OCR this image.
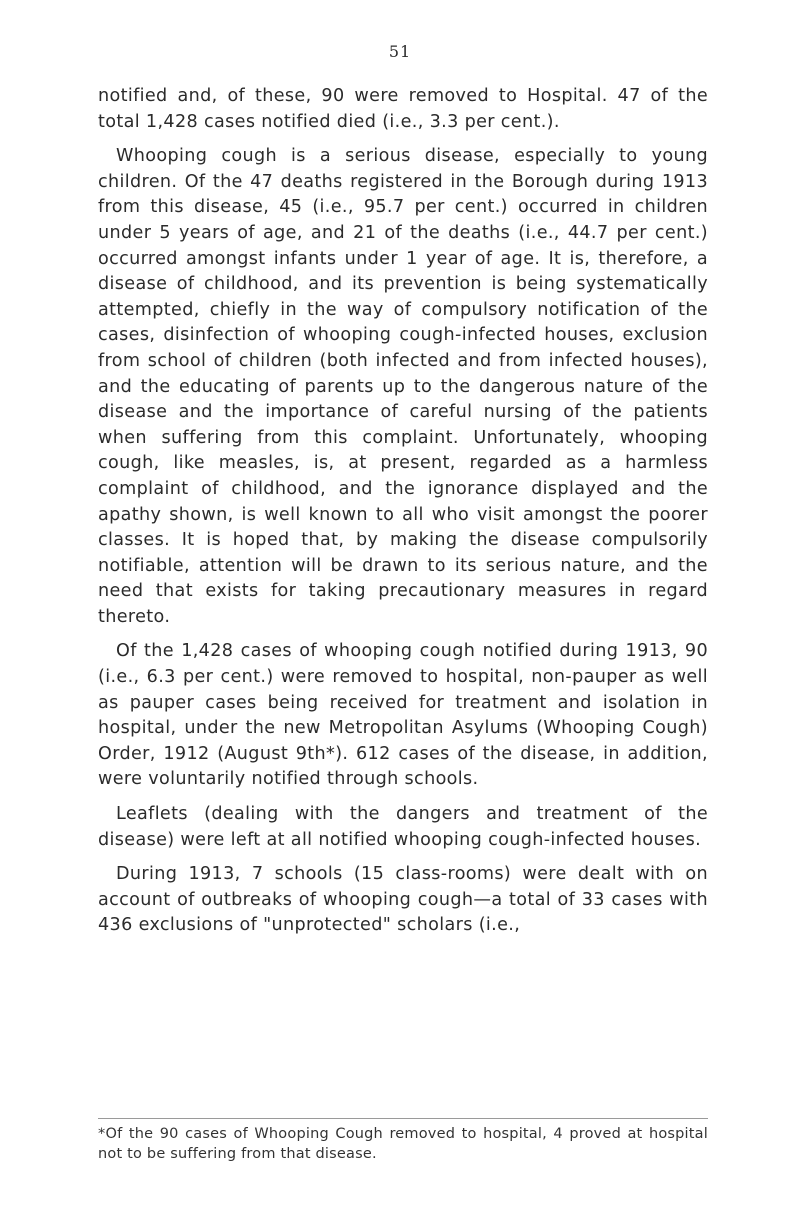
51

notified and, of these, 90 were removed to Hospital. 47 of the total 1,428 cases notified died (i.e., 3.3 per cent.).

Whooping cough is a serious disease, especially to young children. Of the 47 deaths registered in the Borough during 1913 from this disease, 45 (i.e., 95.7 per cent.) occurred in children under 5 years of age, and 21 of the deaths (i.e., 44.7 per cent.) occurred amongst infants under 1 year of age. It is, therefore, a disease of childhood, and its prevention is being systematically attempted, chiefly in the way of compulsory notification of the cases, disinfection of whooping cough-infected houses, exclusion from school of children (both infected and from infected houses), and the educating of parents up to the dangerous nature of the disease and the importance of careful nursing of the patients when suffering from this complaint. Unfortunately, whooping cough, like measles, is, at present, regarded as a harmless complaint of childhood, and the ignorance displayed and the apathy shown, is well known to all who visit amongst the poorer classes. It is hoped that, by making the disease compulsorily notifiable, attention will be drawn to its serious nature, and the need that exists for taking precautionary measures in regard thereto.

Of the 1,428 cases of whooping cough notified during 1913, 90 (i.e., 6.3 per cent.) were removed to hospital, non-pauper as well as pauper cases being received for treatment and isolation in hospital, under the new Metropolitan Asylums (Whooping Cough) Order, 1912 (August 9th*). 612 cases of the disease, in addition, were voluntarily notified through schools.

Leaflets (dealing with the dangers and treatment of the disease) were left at all notified whooping cough-infected houses.

During 1913, 7 schools (15 class-rooms) were dealt with on account of outbreaks of whooping cough—a total of 33 cases with 436 exclusions of "unprotected" scholars (i.e.,

*Of the 90 cases of Whooping Cough removed to hospital, 4 proved at hospital not to be suffering from that disease.
